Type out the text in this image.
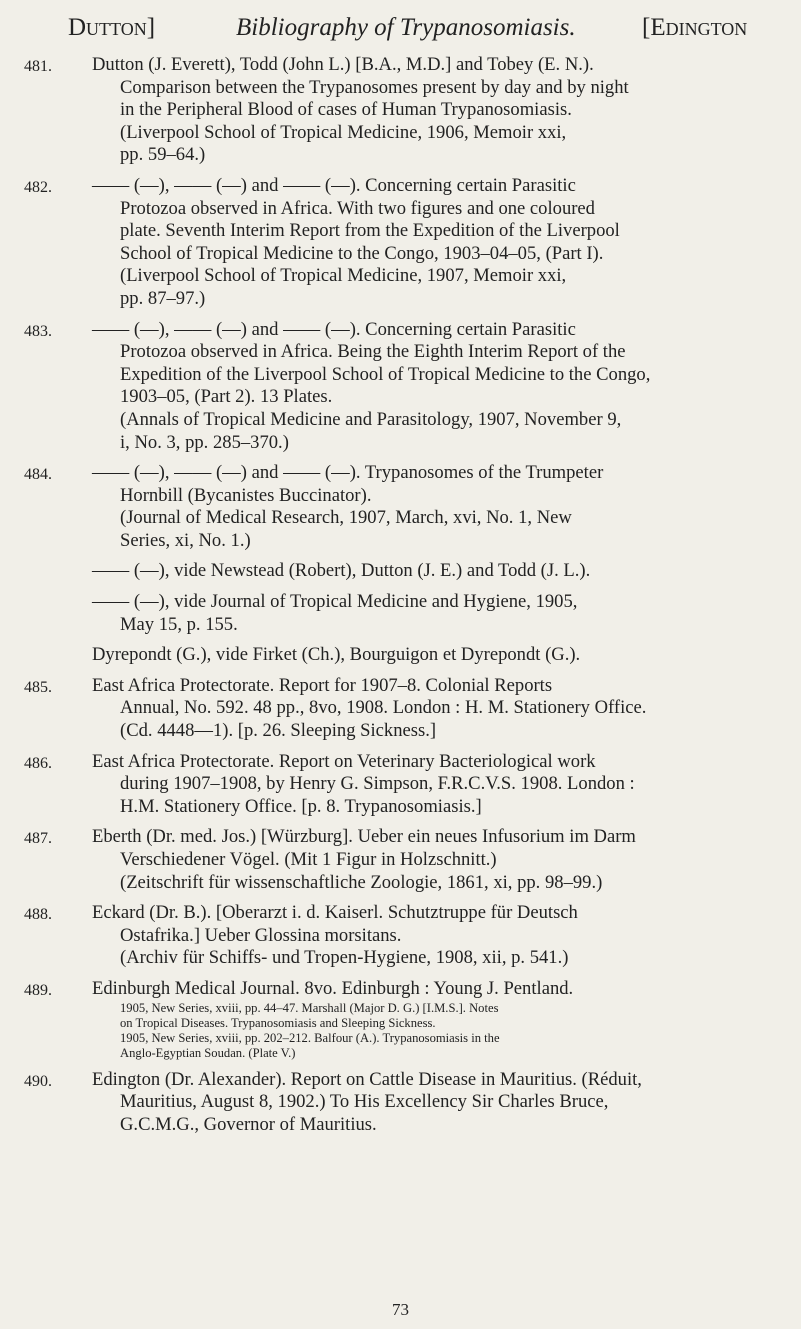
Dutton]	Bibliography of Trypanosomiasis.	[Edington
481. Dutton (J. Everett), Todd (John L.) [B.A., M.D.] and Tobey (E. N.).

Comparison between the Trypanosomes present by day and by night

in the Peripheral Blood of cases of Human Trypanosomiasis.

(Liverpool School of Tropical Medicine, 1906, Memoir xxi,

pp. 59–64.)

482. —— (—), —— (—) and —— (—). Concerning certain Parasitic

Protozoa observed in Africa. With two figures and one coloured

plate. Seventh Interim Report from the Expedition of the Liverpool

School of Tropical Medicine to the Congo, 1903–04–05, (Part I).

(Liverpool School of Tropical Medicine, 1907, Memoir xxi,

pp. 87–97.)

483. —— (—), —— (—) and —— (—). Concerning certain Parasitic

Protozoa observed in Africa. Being the Eighth Interim Report of the

Expedition of the Liverpool School of Tropical Medicine to the Congo,

1903–05, (Part 2). 13 Plates.

(Annals of Tropical Medicine and Parasitology, 1907, November 9,

i, No. 3, pp. 285–370.)

484. —— (—), —— (—) and —— (—). Trypanosomes of the Trumpeter

Hornbill (Bycanistes Buccinator).

(Journal of Medical Research, 1907, March, xvi, No. 1, New

Series, xi, No. 1.)

—— (—), vide Newstead (Robert), Dutton (J. E.) and Todd (J. L.).

—— (—), vide Journal of Tropical Medicine and Hygiene, 1905,

May 15, p. 155.

Dyrepondt (G.), vide Firket (Ch.), Bourguigon et Dyrepondt (G.).

485. East Africa Protectorate. Report for 1907–8. Colonial Reports

Annual, No. 592. 48 pp., 8vo, 1908. London : H. M. Stationery Office.

(Cd. 4448—1). [p. 26. Sleeping Sickness.]

486. East Africa Protectorate. Report on Veterinary Bacteriological work

during 1907–1908, by Henry G. Simpson, F.R.C.V.S. 1908. London :

H.M. Stationery Office. [p. 8. Trypanosomiasis.]

487. Eberth (Dr. med. Jos.) [Würzburg]. Ueber ein neues Infusorium im Darm

Verschiedener Vögel. (Mit 1 Figur in Holzschnitt.)

(Zeitschrift für wissenschaftliche Zoologie, 1861, xi, pp. 98–99.)

488. Eckard (Dr. B.). [Oberarzt i. d. Kaiserl. Schutztruppe für Deutsch

Ostafrika.] Ueber Glossina morsitans.

(Archiv für Schiffs- und Tropen-Hygiene, 1908, xii, p. 541.)

489. Edinburgh Medical Journal. 8vo. Edinburgh : Young J. Pentland.

1905, New Series, xviii, pp. 44–47. Marshall (Major D. G.) [I.M.S.]. Notes

on Tropical Diseases. Trypanosomiasis and Sleeping Sickness.

1905, New Series, xviii, pp. 202–212. Balfour (A.). Trypanosomiasis in the

Anglo-Egyptian Soudan. (Plate V.)

490. Edington (Dr. Alexander). Report on Cattle Disease in Mauritius. (Réduit,

Mauritius, August 8, 1902.) To His Excellency Sir Charles Bruce,

G.C.M.G., Governor of Mauritius.

73
